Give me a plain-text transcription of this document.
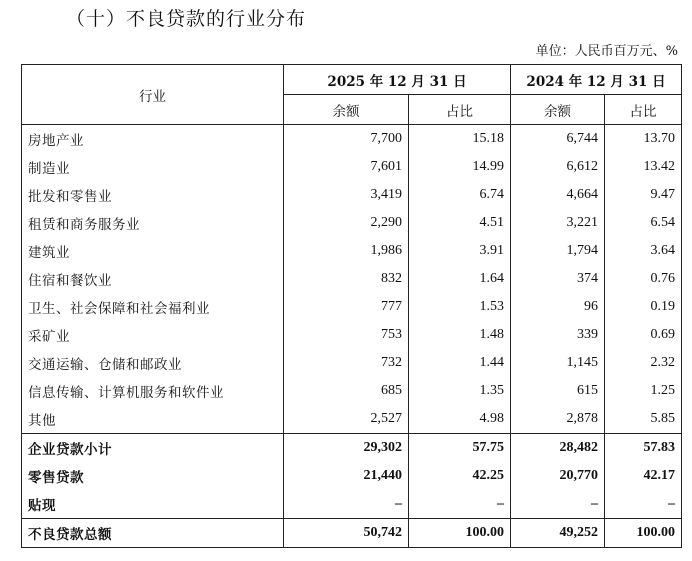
（十）不良贷款的行业分布
单位：人民币百万元、%
行业	2025 年 12 月 31 日		2024 年 12 月 31 日	
	余额	占比	余额	占比
房地产业	7,700	15.18	6,744	13.70
制造业	7,601	14.99	6,612	13.42
批发和零售业	3,419	6.74	4,664	9.47
租赁和商务服务业	2,290	4.51	3,221	6.54
建筑业	1,986	3.91	1,794	3.64
住宿和餐饮业	832	1.64	374	0.76
卫生、社会保障和社会福利业	777	1.53	96	0.19
采矿业	753	1.48	339	0.69
交通运输、仓储和邮政业	732	1.44	1,145	2.32
信息传输、计算机服务和软件业	685	1.35	615	1.25
其他	2,527	4.98	2,878	5.85
企业贷款小计	29,302	57.75	28,482	57.83
零售贷款	21,440	42.25	20,770	42.17
贴现	–	–	–	–
不良贷款总额	50,742	100.00	49,252	100.00
